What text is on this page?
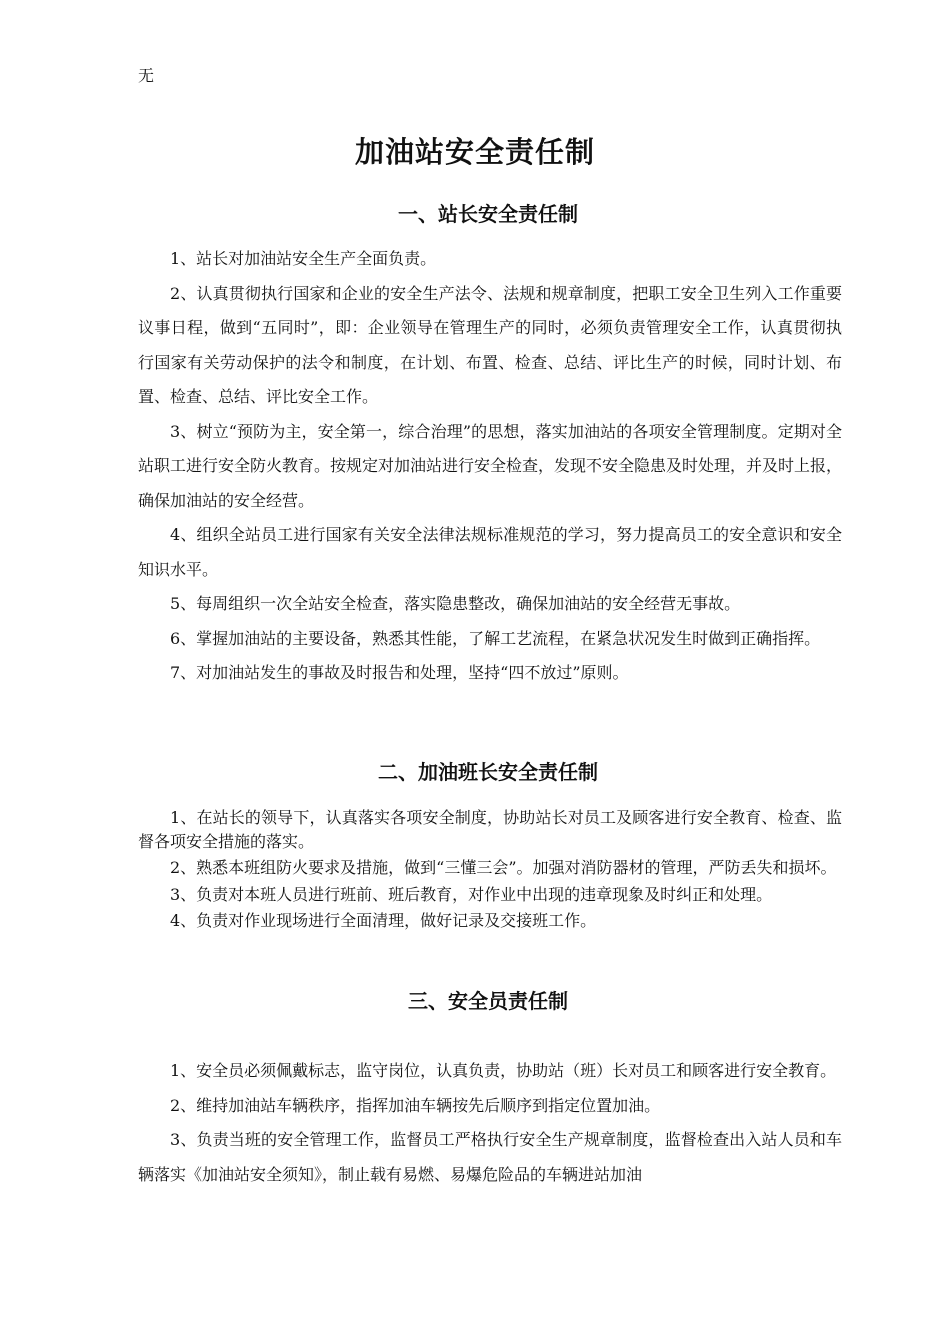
无
加油站安全责任制
一、站长安全责任制

1、站长对加油站安全生产全面负责。

2、认真贯彻执行国家和企业的安全生产法令、法规和规章制度，把职工安全卫生列入工作重要议事日程，做到“五同时”，即：企业领导在管理生产的同时，必须负责管理安全工作，认真贯彻执行国家有关劳动保护的法令和制度，在计划、布置、检查、总结、评比生产的时候，同时计划、布置、检查、总结、评比安全工作。

3、树立“预防为主，安全第一，综合治理”的思想，落实加油站的各项安全管理制度。定期对全站职工进行安全防火教育。按规定对加油站进行安全检查，发现不安全隐患及时处理，并及时上报，确保加油站的安全经营。

4、组织全站员工进行国家有关安全法律法规标准规范的学习，努力提高员工的安全意识和安全知识水平。

5、每周组织一次全站安全检查，落实隐患整改，确保加油站的安全经营无事故。

6、掌握加油站的主要设备，熟悉其性能，了解工艺流程，在紧急状况发生时做到正确指挥。

7、对加油站发生的事故及时报告和处理，坚持“四不放过”原则。

二、加油班长安全责任制

1、在站长的领导下，认真落实各项安全制度，协助站长对员工及顾客进行安全教育、检查、监督各项安全措施的落实。

2、熟悉本班组防火要求及措施，做到“三懂三会”。加强对消防器材的管理，严防丢失和损坏。

3、负责对本班人员进行班前、班后教育，对作业中出现的违章现象及时纠正和处理。

4、负责对作业现场进行全面清理，做好记录及交接班工作。

三、安全员责任制

1、安全员必须佩戴标志，监守岗位，认真负责，协助站（班）长对员工和顾客进行安全教育。

2、维持加油站车辆秩序，指挥加油车辆按先后顺序到指定位置加油。

3、负责当班的安全管理工作，监督员工严格执行安全生产规章制度，监督检查出入站人员和车辆落实《加油站安全须知》，制止载有易燃、易爆危险品的车辆进站加油
